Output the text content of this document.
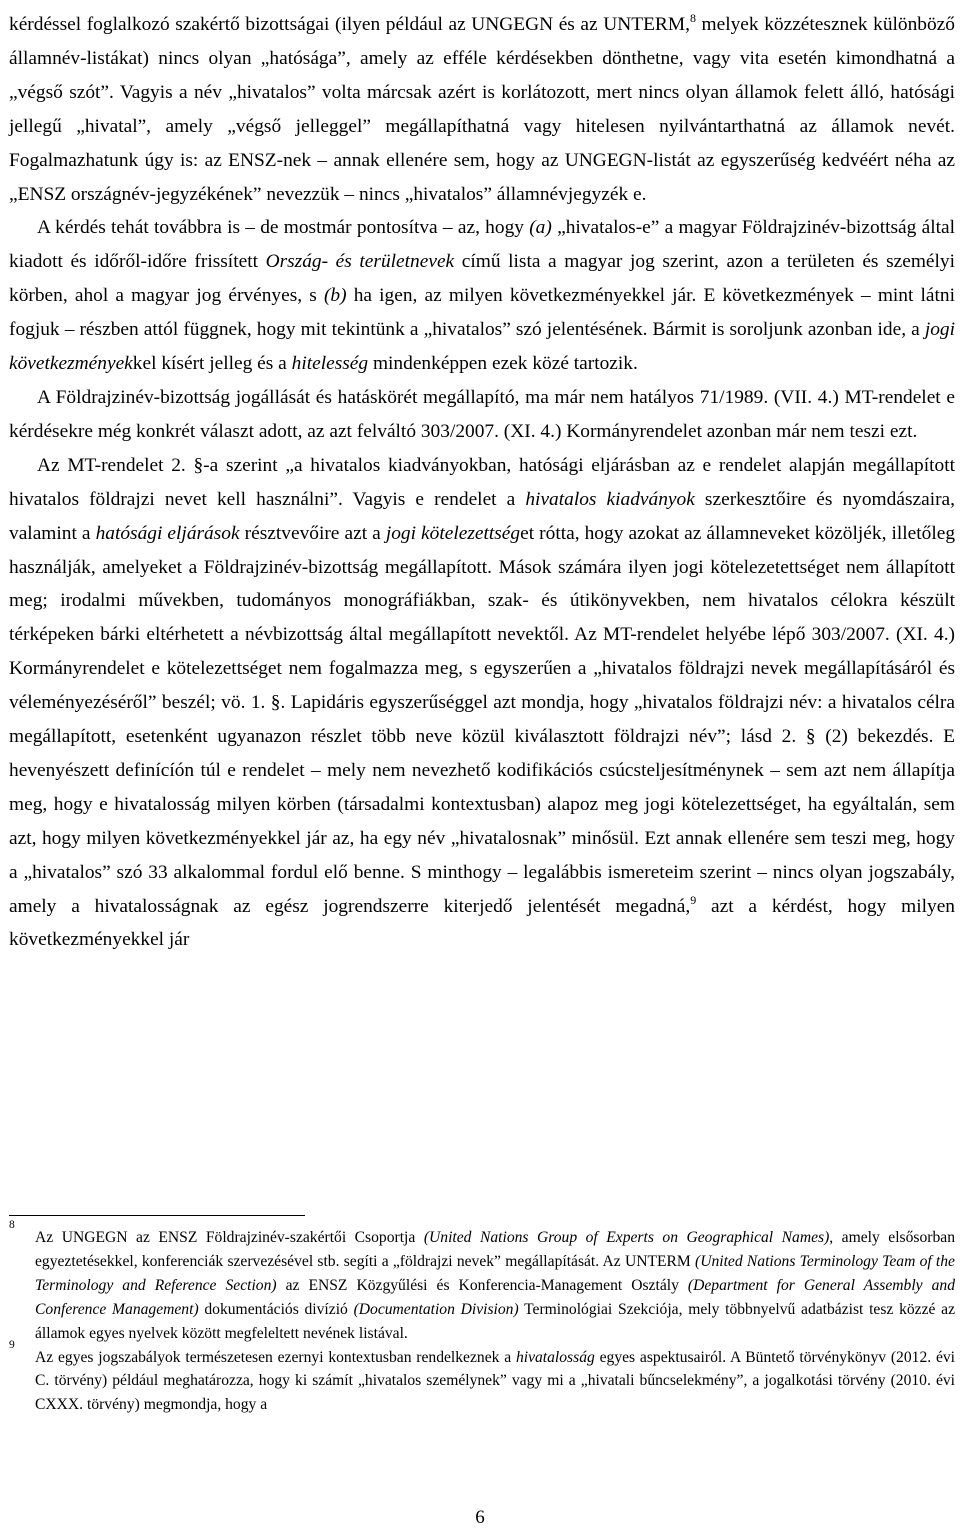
kérdéssel foglalkozó szakértő bizottságai (ilyen például az UNGEGN és az UNTERM,$^8$ melyek közzétesznek különböző államnév-listákat) nincs olyan „hatósága”, amely az efféle kérdésekben dönthetne, vagy vita esetén kimondhatná a „végső szót”. Vagyis a név „hivatalos” volta márcsak azért is korlátozott, mert nincs olyan államok felett álló, hatósági jellegű „hivatal”, amely „végső jelleggel” megállapíthatná vagy hitelesen nyilvántarthatná az államok nevét. Fogalmazhatunk úgy is: az ENSZ-nek – annak ellenére sem, hogy az UNGEGN-listát az egyszerűség kedvéért néha az „ENSZ országnév-jegyzékének” nevezzük – nincs „hivatalos” államnévjegyzék e.

A kérdés tehát továbbra is – de mostmár pontosítva – az, hogy (a) „hivatalos-e” a magyar Földrajzinév-bizottság által kiadott és időről-időre frissített Ország- és területnevek című lista a magyar jog szerint, azon a területen és személyi körben, ahol a magyar jog érvényes, s (b) ha igen, az milyen következményekkel jár. E következmények – mint látni fogjuk – részben attól függnek, hogy mit tekintünk a „hivatalos” szó jelentésének. Bármit is soroljunk azonban ide, a jogi következményekkel kísért jelleg és a hitelesség mindenképpen ezek közé tartozik.

A Földrajzinév-bizottság jogállását és hatáskörét megállapító, ma már nem hatályos 71/1989. (VII. 4.) MT-rendelet e kérdésekre még konkrét választ adott, az azt felváltó 303/2007. (XI. 4.) Kormányrendelet azonban már nem teszi ezt.

Az MT-rendelet 2. §-a szerint „a hivatalos kiadványokban, hatósági eljárásban az e rendelet alapján megállapított hivatalos földrajzi nevet kell használni”. Vagyis e rendelet a hivatalos kiadványok szerkesztőire és nyomdászaira, valamint a hatósági eljárások résztvevőire azt a jogi kötelezettséget rótta, hogy azokat az államneveket közöljék, illetőleg használják, amelyeket a Földrajzinév-bizottság megállapított. Mások számára ilyen jogi kötelezetettséget nem állapított meg; irodalmi művekben, tudományos monográfiákban, szak- és útikönyvekben, nem hivatalos célokra készült térképeken bárki eltérhetett a névbizottság által megállapított nevektől. Az MT-rendelet helyébe lépő 303/2007. (XI. 4.) Kormányrendelet e kötelezettséget nem fogalmazza meg, s egyszerűen a „hivatalos földrajzi nevek megállapításáról és véleményezéséről” beszél; vö. 1. §. Lapidáris egyszerűséggel azt mondja, hogy „hivatalos földrajzi név: a hivatalos célra megállapított, esetenként ugyanazon részlet több neve közül kiválasztott földrajzi név”; lásd 2. § (2) bekezdés. E hevenyészett definícíón túl e rendelet – mely nem nevezhető kodifikációs csúcsteljesítménynek – sem azt nem állapítja meg, hogy e hivatalosság milyen körben (társadalmi kontextusban) alapoz meg jogi kötelezettséget, ha egyáltalán, sem azt, hogy milyen következményekkel jár az, ha egy név „hivatalosnak” minősül. Ezt annak ellenére sem teszi meg, hogy a „hivatalos” szó 33 alkalommal fordul elő benne. S minthogy – legalábbis ismereteim szerint – nincs olyan jogszabály, amely a hivatalosságnak az egész jogrendszerre kiterjedő jelentését megadná,$^9$ azt a kérdést, hogy milyen következményekkel jár

8
Az UNGEGN az ENSZ Földrajzinév-szakértői Csoportja (United Nations Group of Experts on Geographical Names), amely elsősorban egyeztetésekkel, konferenciák szervezésével stb. segíti a „földrajzi nevek” megállapítását. Az UNTERM (United Nations Terminology Team of the Terminology and Reference Section) az ENSZ Közgyűlési és Konferencia-Management Osztály (Department for General Assembly and Conference Management) dokumentációs divízió (Documentation Division) Terminológiai Szekciója, mely többnyelvű adatbázist tesz közzé az államok egyes nyelvek között megfeleltett nevének listával.

9
Az egyes jogszabályok természetesen ezernyi kontextusban rendelkeznek a hivatalosság egyes aspektusairól. A Büntető törvénykönyv (2012. évi C. törvény) például meghatározza, hogy ki számít „hivatalos személynek” vagy mi a „hivatali bűncselekmény”, a jogalkotási törvény (2010. évi CXXX. törvény) megmondja, hogy a

6
